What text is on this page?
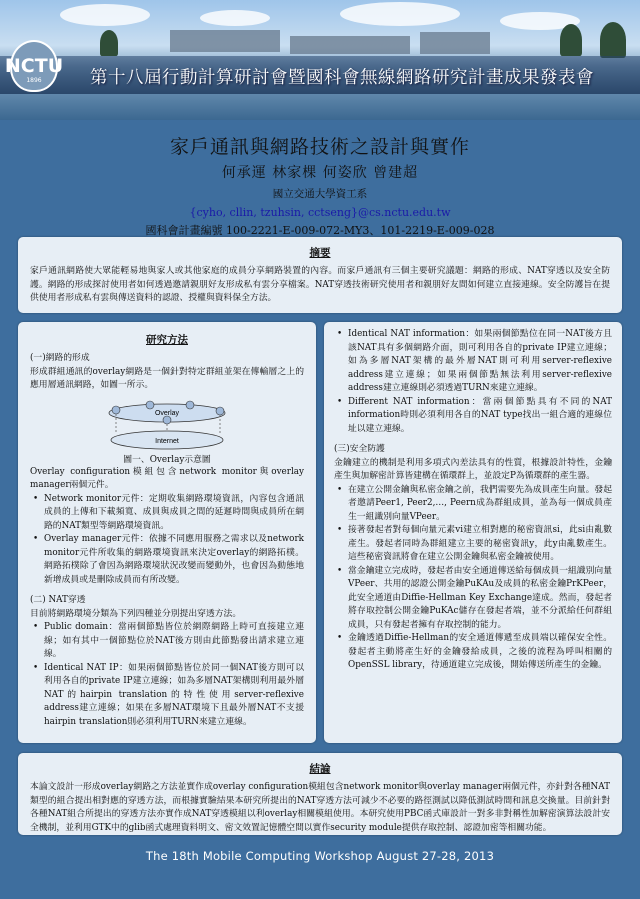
NCTU
1896	第十八屆行動計算研討會暨國科會無線網路研究計畫成果發表會
家戶通訊與網路技術之設計與實作
何承運 林家棵 何姿欣 曾建超
國立交通大學資工系
{cyho, cllin, tzuhsin, cctseng}@cs.nctu.edu.tw
國科會計畫編號 100-2221-E-009-072-MY3、101-2219-E-009-028
摘要
家戶通訊網路使大眾能輕易地與家人或其他家庭的成員分享網路裝置的內容。而家戶通訊有三個主要研究議題：網路的形成、NAT穿透以及安全防護。網路的形成探討使用者如何透過邀請親朋好友形成私有雲分享檔案。NAT穿透技術研究使用者和親朋好友間如何建立直接連線。安全防護旨在提供使用者形成私有雲與傳送資料的認證、授權與資料保全方法。
研究方法
(一)網路的形成
形成群組通訊的overlay網路是一個針對特定群組並架在傳輸層之上的應用層通訊網路，如圖一所示。
Overlay
Internet
圖一、Overlay示意圖
Overlay configuration模組包含network monitor與overlay manager兩個元件。
• Network monitor元件：定期收集網路環境資訊，內容包含通訊成員的上傳和下載頻寬、成員與成員之間的延遲時間與成員所在網路的NAT類型等網路環境資訊。
• Overlay manager元件：依據不同應用服務之需求以及network monitor元件所收集的網路環境資訊來決定overlay的網路拓樸。網路拓樸除了會因為網路環境狀況改變而變動外，也會因為動態地新增成員或是刪除成員而有所改變。
(二) NAT穿透
目前將網路環境分類為下列四種並分別提出穿透方法。
• Public domain：當兩個節點皆位於網際網路上時可直接建立連線；如有其中一個節點位於NAT後方則由此節點發出請求建立連線。
• Identical NAT IP：如果兩個節點皆位於同一個NAT後方則可以利用各自的private IP建立連線；如為多層NAT架構則利用最外層NAT的hairpin translation的特性使用server-reflexive address建立連線；如果在多層NAT環境下且最外層NAT不支援hairpin translation則必須利用TURN來建立連線。
• Identical NAT information：如果兩個節點位在同一NAT後方且該NAT具有多個網路介面，則可利用各自的private IP建立連線；如為多層NAT架構的最外層NAT則可利用server-reflexive address建立連線；如果兩個節點無法利用server-reflexive address建立連線則必須透過TURN來建立連線。
• Different NAT information：當兩個節點具有不同的NAT information時則必須利用各自的NAT type找出一組合適的連線位址以建立連線。
(三)安全防護
金鑰建立的機制是利用多項式內差法具有的性質，根據設計特性，金鑰產生與加解密計算皆建構在循環群上，並設定P為循環群的產生器。
• 在建立公開金鑰與私密金鑰之前，我們需要先為成員產生向量。發起者邀請Peer1, Peer2,…, Peern成為群組成員，並為每一個成員產生一組識別向量VPeer。
• 接著發起者對每個向量元素vi建立相對應的秘密資訊si，此si由亂數產生。發起者同時為群組建立主要的秘密資訊y，此y由亂數產生。這些秘密資訊將會在建立公開金鑰與私密金鑰被使用。
• 當金鑰建立完成時，發起者由安全通道傳送給每個成員一組識別向量VPeer、共用的認證公開金鑰PuKAu及成員的私密金鑰PrKPeer，此安全通道由Diffie-Hellman Key Exchange達成。然而，發起者將存取控制公開金鑰PuKAc儲存在發起者端，並不分派給任何群組成員，只有發起者擁有存取控制的能力。
• 金鑰透過Diffie-Hellman的安全通道傳遞至成員端以確保安全性。發起者主動將產生好的金鑰發給成員，之後的流程為呼叫相關的OpenSSL library，待通道建立完成後，開始傳送所產生的金鑰。
結論
本論文設計一形成overlay網路之方法並實作成overlay configuration模組包含network monitor與overlay manager兩個元件，亦針對各種NAT類型的組合提出相對應的穿透方法，而根據實驗結果本研究所提出的NAT穿透方法可減少不必要的路徑測試以降低測試時間和訊息交換量。目前針對各種NAT組合所提出的穿透方法亦實作成NAT穿透模組以利overlay相關模組使用。本研究使用PBC函式庫設計一對多非對稱性加解密演算法設計安全機制，並利用GTK中的glib函式處理資料明文、密文效置記憶體空間以實作security module提供存取控制、認證加密等相關功能。
The 18th Mobile Computing Workshop August 27-28, 2013
